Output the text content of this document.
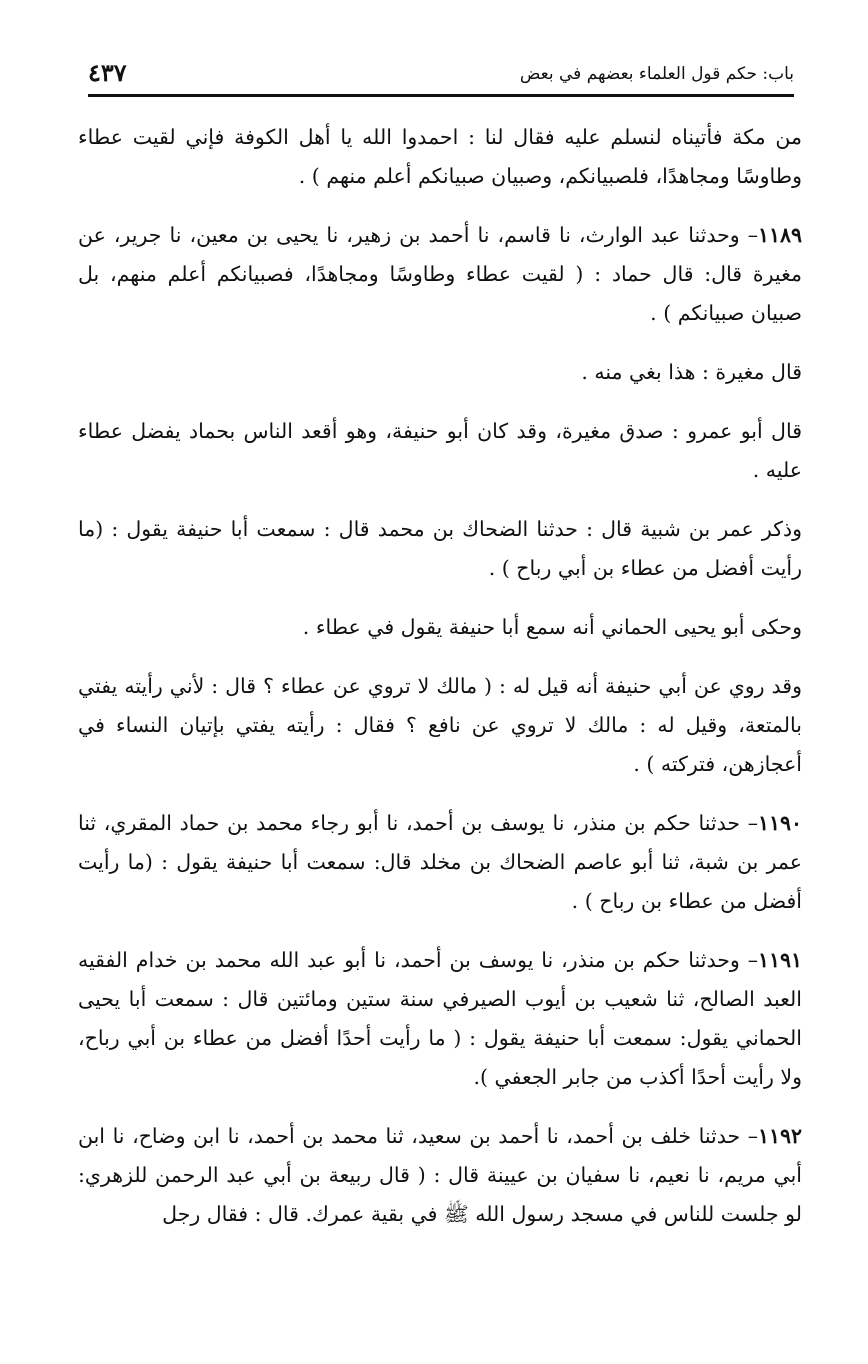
باب: حكم قول العلماء بعضهم في بعض
٤٣٧

من مكة فأتيناه لنسلم عليه فقال لنا : احمدوا الله يا أهل الكوفة فإني لقيت عطاء وطاوسًا ومجاهدًا، فلصبيانكم، وصبيان صبيانكم أعلم منهم ) .

١١٨٩– وحدثنا عبد الوارث، نا قاسم، نا أحمد بن زهير، نا يحيى بن معين، نا جرير، عن مغيرة قال: قال حماد : ( لقيت عطاء وطاوسًا ومجاهدًا، فصبيانكم أعلم منهم، بل صبيان صبيانكم ) .

قال مغيرة : هذا بغي منه .

قال أبو عمرو : صدق مغيرة، وقد كان أبو حنيفة، وهو أقعد الناس بحماد يفضل عطاء عليه .

وذكر عمر بن شبية قال : حدثنا الضحاك بن محمد قال : سمعت أبا حنيفة يقول : (ما رأيت أفضل من عطاء بن أبي رباح ) .

وحكى أبو يحيى الحماني أنه سمع أبا حنيفة يقول في عطاء .

وقد روي عن أبي حنيفة أنه قيل له : ( مالك لا تروي عن عطاء ؟ قال : لأني رأيته يفتي بالمتعة، وقيل له : مالك لا تروي عن نافع ؟ فقال : رأيته يفتي بإتيان النساء في أعجازهن، فتركته ) .

١١٩٠– حدثنا حكم بن منذر، نا يوسف بن أحمد، نا أبو رجاء محمد بن حماد المقري، ثنا عمر بن شبة، ثنا أبو عاصم الضحاك بن مخلد قال: سمعت أبا حنيفة يقول : (ما رأيت أفضل من عطاء بن رباح ) .

١١٩١– وحدثنا حكم بن منذر، نا يوسف بن أحمد، نا أبو عبد الله محمد بن خدام الفقيه العبد الصالح، ثنا شعيب بن أيوب الصيرفي سنة ستين ومائتين قال : سمعت أبا يحيى الحماني يقول: سمعت أبا حنيفة يقول : ( ما رأيت أحدًا أفضل من عطاء بن أبي رباح، ولا رأيت أحدًا أكذب من جابر الجعفي ).

١١٩٢– حدثنا خلف بن أحمد، نا أحمد بن سعيد، ثنا محمد بن أحمد، نا ابن وضاح، نا ابن أبي مريم، نا نعيم، نا سفيان بن عيينة قال : ( قال ربيعة بن أبي عبد الرحمن للزهري: لو جلست للناس في مسجد رسول الله ﷺ في بقية عمرك. قال : فقال رجل
